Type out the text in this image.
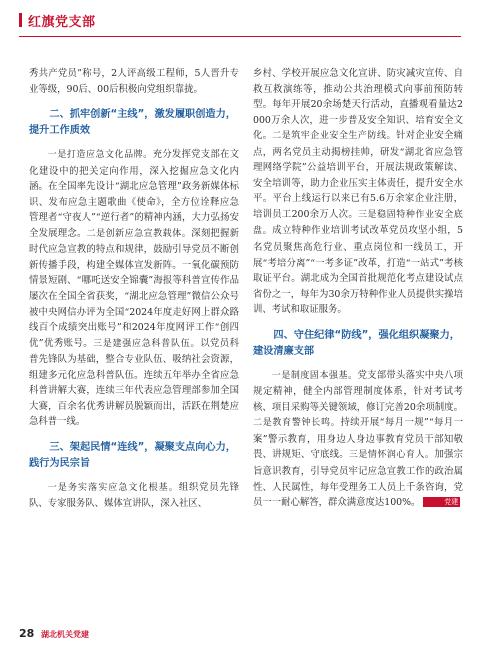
红旗党支部

秀共产党员”称号，2人评高级工程师，5人晋升专业等级，90后、00后积极向党组织靠拢。

二、抓牢创新“主线”，激发履职创造力，提升工作质效

一是打造应急文化品牌。充分发挥党支部在文化建设中的把关定向作用，深入挖掘应急文化内涵。在全国率先设计“湖北应急管理”政务新媒体标识、发布应急主题歌曲《使命》，全方位诠释应急管理者“守夜人”“逆行者”的精神内涵，大力弘扬安全发展理念。二是创新应急宣教载体。深刻把握新时代应急宣教的特点和规律，鼓励引导党员不断创新传播手段，构建全媒体宣发新阵。一氧化碳预防情景短剧、“哪吒送安全锦囊”海报等科普宣传作品屡次在全国全省获奖，“湖北应急管理”微信公众号被中央网信办评为全国“2024年度走好网上群众路线百个成绩突出账号”和2024年度网评工作“创四优”优秀账号。三是建强应急科普队伍。以党员科普先锋队为基础，整合专业队伍、吸纳社会资源，组建多元化应急科普队伍。连续五年举办全省应急科普讲解大赛，连续三年代表应急管理部参加全国大赛，百余名优秀讲解员脱颖而出，活跃在荆楚应急科普一线。

三、架起民情“连线”，凝聚支点向心力，践行为民宗旨

一是务实落实应急文化根基。组织党员先锋队、专家服务队、媒体宣讲队，深入社区、

乡村、学校开展应急文化宣讲、防灾减灾宣传、自救互救演练等，推动公共治理模式向事前预防转型。每年开展20余场楚天行活动，直播观看量达2000万余人次，进一步普及安全知识、培育安全文化。二是筑牢企业安全生产防线。针对企业安全痛点，两名党员主动揭榜挂帅，研发“湖北省应急管理网络学院”公益培训平台，开展法规政策解读、安全培训等，助力企业压实主体责任，提升安全水平。平台上线运行以来已有5.6万余家企业注册，培训员工200余万人次。三是稳固特种作业安全底盘。成立特种作业培训考试改革党员攻坚小组，5名党员聚焦高危行业、重点岗位和一线员工，开展“考培分离”“一考多证”改革，打造“一站式”考核取证平台。湖北成为全国首批规范化考点建设试点省份之一，每年为30余万特种作业人员提供实操培训、考试和取证服务。

四、守住纪律“防线”，强化组织凝聚力，建设清廉支部

一是制度固本强基。党支部带头落实中央八项规定精神，健全内部管理制度体系，针对考试考核、项目采购等关键领域，修订完善20余项制度。二是教育警钟长鸣。持续开展“每月一规”“每月一案”警示教育，用身边人身边事教育党员干部知敬畏、讲规矩、守底线。三是情怀润心育人。加强宗旨意识教育，引导党员牢记应急宣教工作的政治属性、人民属性，每年受理务工人员上千条咨询，党员一一耐心解答，群众满意度达100%。	党建

28 湖北机关党建
